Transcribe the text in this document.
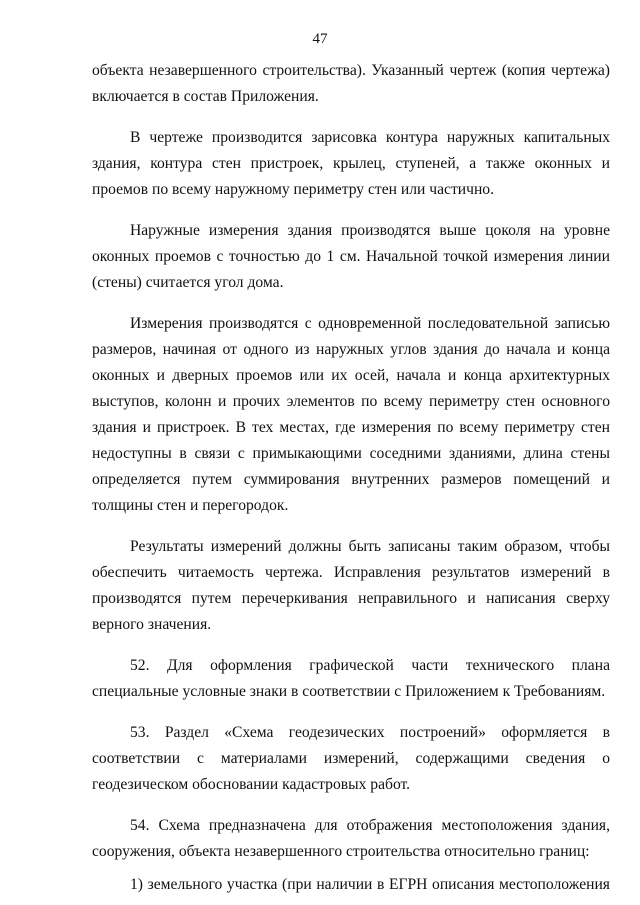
47
объекта незавершенного строительства). Указанный чертеж (копия чертежа)
включается в состав Приложения.
В чертеже производится зарисовка контура наружных капитальных
здания, контура стен пристроек, крылец, ступеней, а также оконных и
проемов по всему наружному периметру стен или частично.
Наружные измерения здания производятся выше цоколя на уровне
оконных проемов с точностью до 1 см. Начальной точкой измерения линии
(стены) считается угол дома.
Измерения производятся с одновременной последовательной записью
размеров, начиная от одного из наружных углов здания до начала и конца
оконных и дверных проемов или их осей, начала и конца архитектурных
выступов, колонн и прочих элементов по всему периметру стен основного
здания и пристроек. В тех местах, где измерения по всему периметру стен
недоступны в связи с примыкающими соседними зданиями, длина стены
определяется путем суммирования внутренних размеров помещений и
толщины стен и перегородок.
Результаты измерений должны быть записаны таким образом, чтобы
обеспечить читаемость чертежа. Исправления результатов измерений в
производятся путем перечеркивания неправильного и написания сверху
верного значения.
52. Для оформления графической части технического плана
специальные условные знаки в соответствии с Приложением к Требованиям.
53. Раздел «Схема геодезических построений» оформляется в
соответствии с материалами измерений, содержащими сведения о
геодезическом обосновании кадастровых работ.
54. Схема предназначена для отображения местоположения здания,
сооружения, объекта незавершенного строительства относительно границ:
1) земельного участка (при наличии в ЕГРН описания местоположения
